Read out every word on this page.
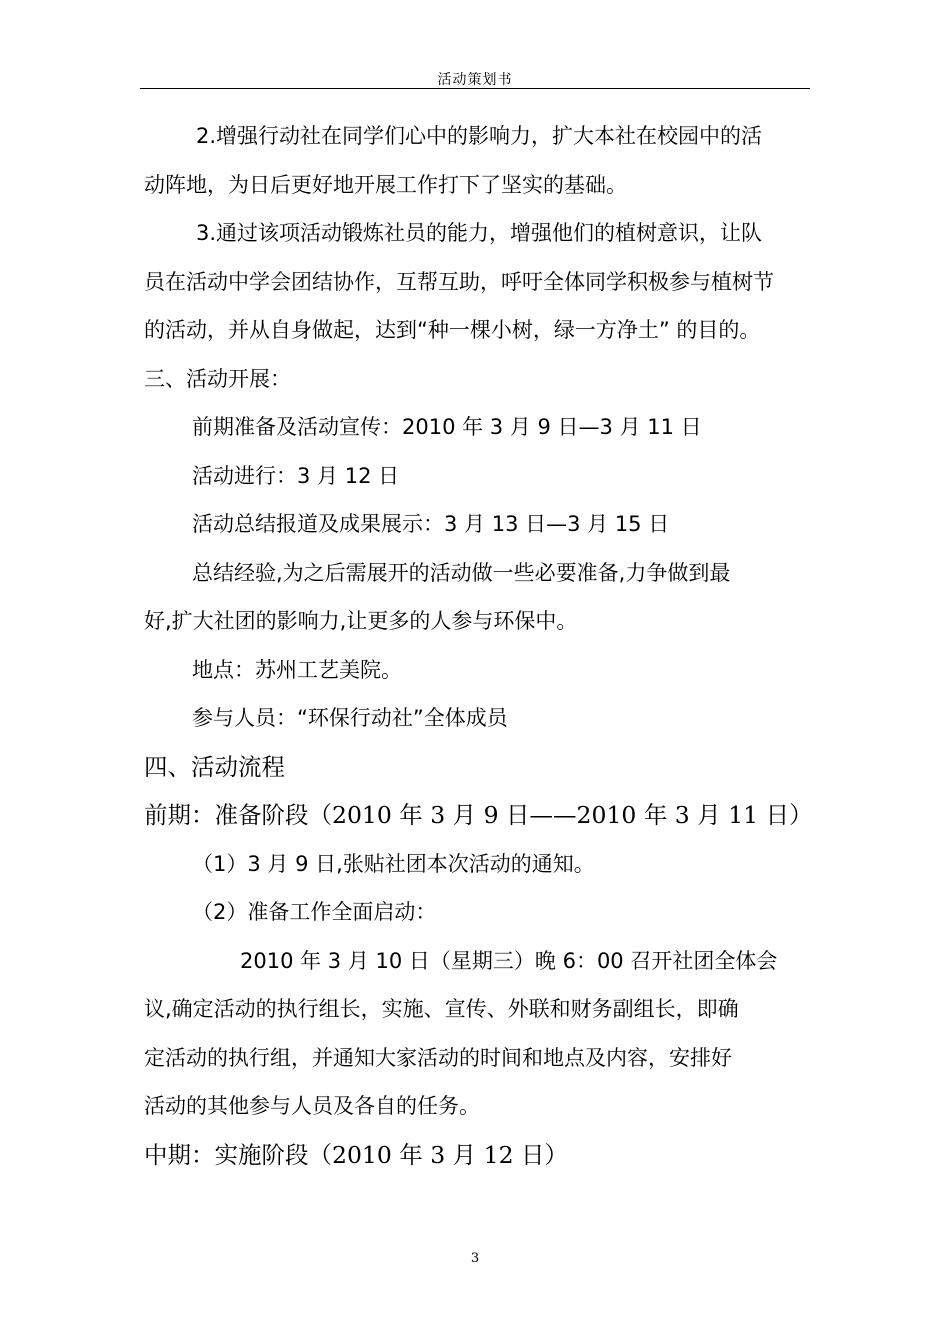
活动策划书

2.增强行动社在同学们心中的影响力，扩大本社在校园中的活

动阵地，为日后更好地开展工作打下了坚实的基础。

3.通过该项活动锻炼社员的能力，增强他们的植树意识，让队

员在活动中学会团结协作，互帮互助，呼吁全体同学积极参与植树节

的活动，并从自身做起，达到“种一棵小树，绿一方净土” 的目的。

三、活动开展：

前期准备及活动宣传：2010 年 3 月 9 日—3 月 11 日

活动进行：3 月 12 日

活动总结报道及成果展示：3 月 13 日—3 月 15 日

总结经验,为之后需展开的活动做一些必要准备,力争做到最

好,扩大社团的影响力,让更多的人参与环保中。

地点：苏州工艺美院。

参与人员：“环保行动社”全体成员

四、活动流程

前期：准备阶段（2010 年 3 月 9 日——2010 年 3 月 11 日）

（1）3 月 9 日,张贴社团本次活动的通知。

（2）准备工作全面启动：

2010 年 3 月 10 日（星期三）晚 6：00 召开社团全体会

议,确定活动的执行组长，实施、宣传、外联和财务副组长，即确

定活动的执行组，并通知大家活动的时间和地点及内容，安排好

活动的其他参与人员及各自的任务。

中期：实施阶段（2010 年 3 月 12 日）

3
